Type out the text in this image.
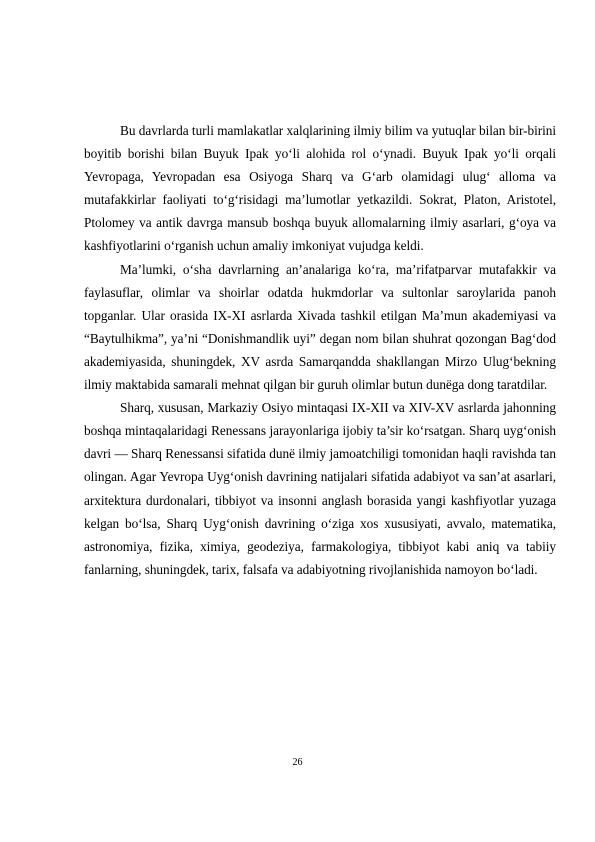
Bu davrlarda turli mamlakatlar xalqlarining ilmiy bilim va yutuqlar bilan bir-birini boyitib borishi bilan Buyuk Ipak yo‘li alohida rol o‘ynadi. Buyuk Ipak yo‘li orqali Yevropaga, Yevropadan esa Osiyoga Sharq va G‘arb olamidagi ulug‘ alloma va mutafakkirlar faoliyati to‘g‘risidagi ma’lumotlar yetkazildi. Sokrat, Platon, Aristotel, Ptolomey va antik davrga mansub boshqa buyuk allomalarning ilmiy asarlari, g‘oya va kashfiyotlarini o‘rganish uchun amaliy imkoniyat vujudga keldi.

Ma’lumki, o‘sha davrlarning an’analariga ko‘ra, ma’rifatparvar mutafakkir va faylasuflar, olimlar va shoirlar odatda hukmdorlar va sultonlar saroylarida panoh topganlar. Ular orasida IX-XI asrlarda Xivada tashkil etilgan Ma’mun akademiyasi va “Baytulhikma”, ya’ni “Donishmandlik uyi” degan nom bilan shuhrat qozongan Bag‘dod akademiyasida, shuningdek, XV asrda Samarqandda shakllangan Mirzo Ulug‘bekning ilmiy maktabida samarali mehnat qilgan bir guruh olimlar butun dunёga dong taratdilar.

Sharq, xususan, Markaziy Osiyo mintaqasi IX-XII va XIV-XV asrlarda jahonning boshqa mintaqalaridagi Renessans jarayonlariga ijobiy ta’sir ko‘rsatgan. Sharq uyg‘onish davri — Sharq Renessansi sifatida dunё ilmiy jamoatchiligi tomonidan haqli ravishda tan olingan. Agar Yevropa Uyg‘onish davrining natijalari sifatida adabiyot va san’at asarlari, arxitektura durdonalari, tibbiyot va insonni anglash borasida yangi kashfiyotlar yuzaga kelgan bo‘lsa, Sharq Uyg‘onish davrining o‘ziga xos xususiyati, avvalo, matematika, astronomiya, fizika, ximiya, geodeziya, farmakologiya, tibbiyot kabi aniq va tabiiy fanlarning, shuningdek, tarix, falsafa va adabiyotning rivojlanishida namoyon bo‘ladi.

26
